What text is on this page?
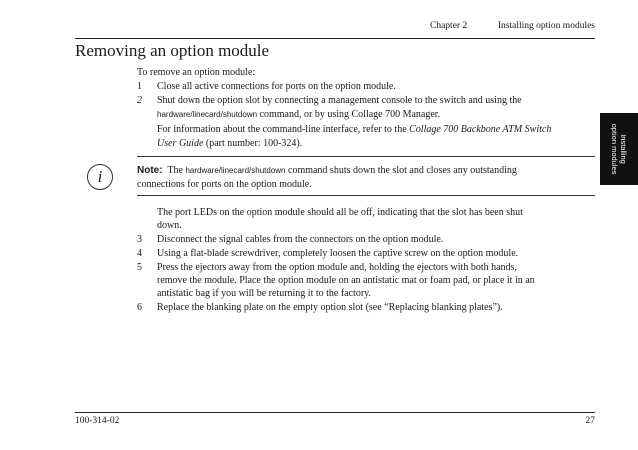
Chapter 2	Installing option modules
Removing an option module
Installing
option modules
To remove an option module:
1 Close all active connections for ports on the option module.
2 Shut down the option slot by connecting a management console to the switch and using the
hardware/linecard/shutdown command, or by using Collage 700 Manager.
For information about the command-line interface, refer to the Collage 700 Backbone ATM Switch
User Guide (part number: 100-324).
i	Note:  The hardware/linecard/shutdown command shuts down the slot and closes any outstanding
connections for ports on the option module.
The port LEDs on the option module should all be off, indicating that the slot has been shut
down.
3 Disconnect the signal cables from the connectors on the option module.
4 Using a flat-blade screwdriver, completely loosen the captive screw on the option module.
5 Press the ejectors away from the option module and, holding the ejectors with both hands,
remove the module. Place the option module on an antistatic mat or foam pad, or place it in an
antistatic bag if you will be returning it to the factory.
6 Replace the blanking plate on the empty option slot (see “Replacing blanking plates”).
100-314-02	27
